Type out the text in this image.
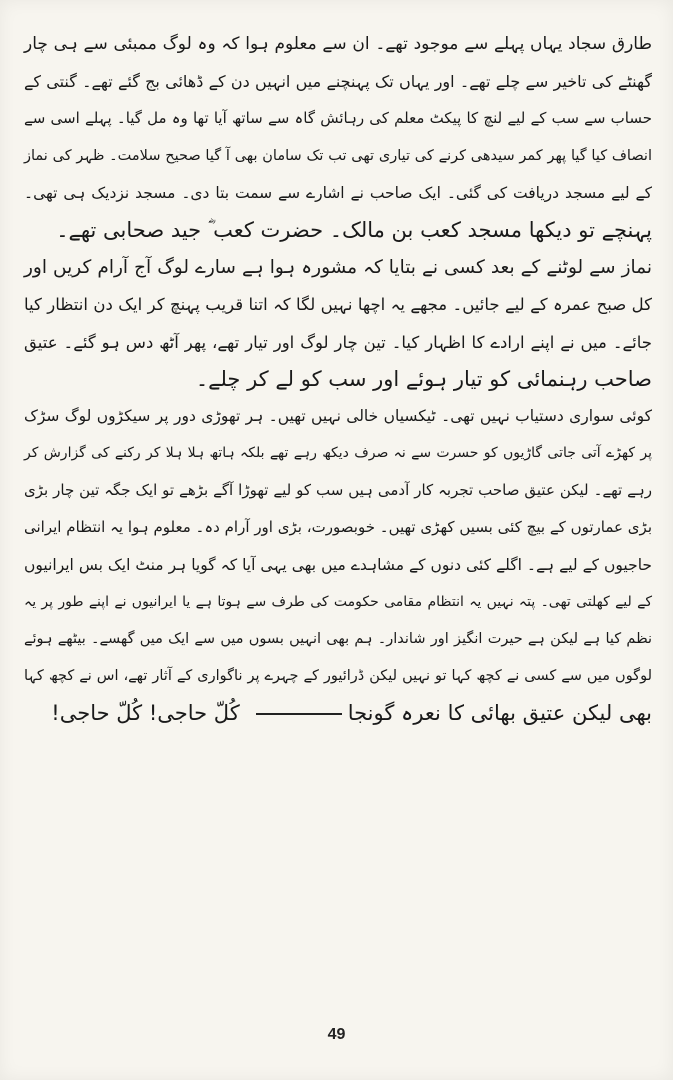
طارق سجاد یہاں پہلے سے موجود تھے۔ ان سے معلوم ہوا کہ وہ لوگ ممبئی سے ہی چار
گھنٹے کی تاخیر سے چلے تھے۔ اور یہاں تک پہنچنے میں انہیں دن کے ڈھائی بج گئے تھے۔ گنتی کے
حساب سے سب کے لیے لنچ کا پیکٹ معلم کی رہائش گاہ سے ساتھ آیا تھا وہ مل گیا۔ پہلے اسی سے
انصاف کیا گیا پھر کمر سیدھی کرنے کی تیاری تھی تب تک سامان بھی آ گیا صحیح سلامت۔ ظہر کی نماز
کے لیے مسجد دریافت کی گئی۔ ایک صاحب نے اشارے سے سمت بتا دی۔ مسجد نزدیک ہی تھی۔
پہنچے تو دیکھا مسجد کعب بن مالک۔ حضرت کعب ؓ جید صحابی تھے۔
نماز سے لوٹنے کے بعد کسی نے بتایا کہ مشورہ ہوا ہے سارے لوگ آج آرام کریں اور
کل صبح عمرہ کے لیے جائیں۔ مجھے یہ اچھا نہیں لگا کہ اتنا قریب پہنچ کر ایک دن انتظار کیا
جائے۔ میں نے اپنے ارادے کا اظہار کیا۔ تین چار لوگ اور تیار تھے، پھر آٹھ دس ہو گئے۔ عتیق
صاحب رہنمائی کو تیار ہوئے اور سب کو لے کر چلے۔
کوئی سواری دستیاب نہیں تھی۔ ٹیکسیاں خالی نہیں تھیں۔ ہر تھوڑی دور پر سیکڑوں لوگ سڑک
پر کھڑے آتی جاتی گاڑیوں کو حسرت سے نہ صرف دیکھ رہے تھے بلکہ ہاتھ ہلا ہلا کر رکنے کی گزارش کر
رہے تھے۔ لیکن عتیق صاحب تجربہ کار آدمی ہیں سب کو لیے تھوڑا آگے بڑھے تو ایک جگہ تین چار بڑی
بڑی عمارتوں کے بیچ کئی بسیں کھڑی تھیں۔ خوبصورت، بڑی اور آرام دہ۔ معلوم ہوا یہ انتظام ایرانی
حاجیوں کے لیے ہے۔ اگلے کئی دنوں کے مشاہدے میں بھی یہی آیا کہ گویا ہر منٹ ایک بس ایرانیوں
کے لیے کھلتی تھی۔ پتہ نہیں یہ انتظام مقامی حکومت کی طرف سے ہوتا ہے یا ایرانیوں نے اپنے طور پر یہ
نظم کیا ہے لیکن ہے حیرت انگیز اور شاندار۔ ہم بھی انہیں بسوں میں سے ایک میں گھسے۔ بیٹھے ہوئے
لوگوں میں سے کسی نے کچھ کہا تو نہیں لیکن ڈرائیور کے چہرے پر ناگواری کے آثار تھے، اس نے کچھ کہا
بھی لیکن عتیق بھائی کا نعرہ گونجاکُلّ حاجی! کُلّ حاجی!
49
